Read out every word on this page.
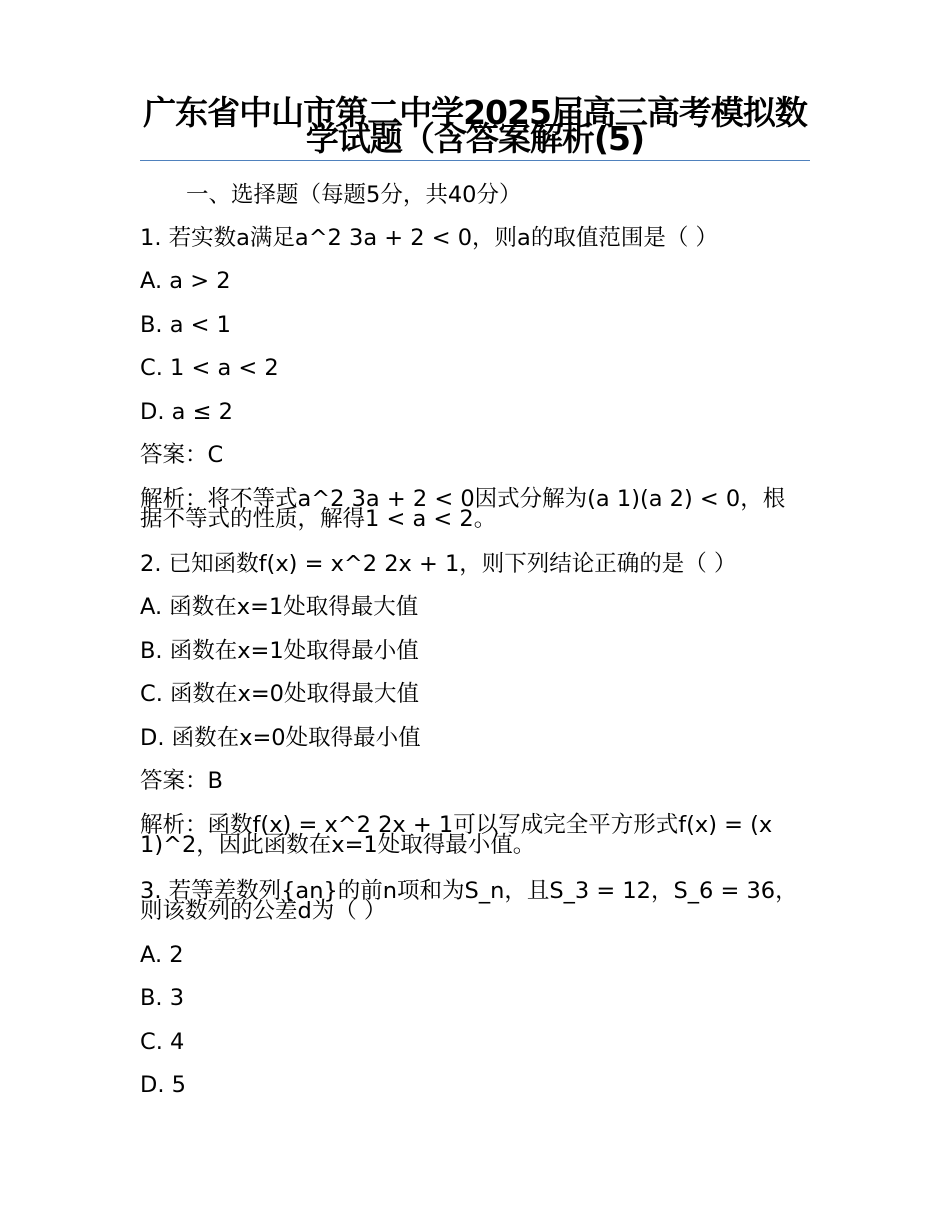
广东省中山市第二中学2025届高三高考模拟数学试题（含答案解析(5)
一、选择题（每题5分，共40分）
1. 若实数a满足a^2 3a + 2 < 0，则a的取值范围是（ ）
A. a > 2
B. a < 1
C. 1 < a < 2
D. a ≤ 2
答案：C
解析：将不等式a^2 3a + 2 < 0因式分解为(a 1)(a 2) < 0，根据不等式的性质，解得1 < a < 2。
2. 已知函数f(x) = x^2 2x + 1，则下列结论正确的是（ ）
A. 函数在x=1处取得最大值
B. 函数在x=1处取得最小值
C. 函数在x=0处取得最大值
D. 函数在x=0处取得最小值
答案：B
解析：函数f(x) = x^2 2x + 1可以写成完全平方形式f(x) = (x 1)^2，因此函数在x=1处取得最小值。
3. 若等差数列{an}的前n项和为S_n，且S_3 = 12，S_6 = 36，则该数列的公差d为（ ）
A. 2
B. 3
C. 4
D. 5
